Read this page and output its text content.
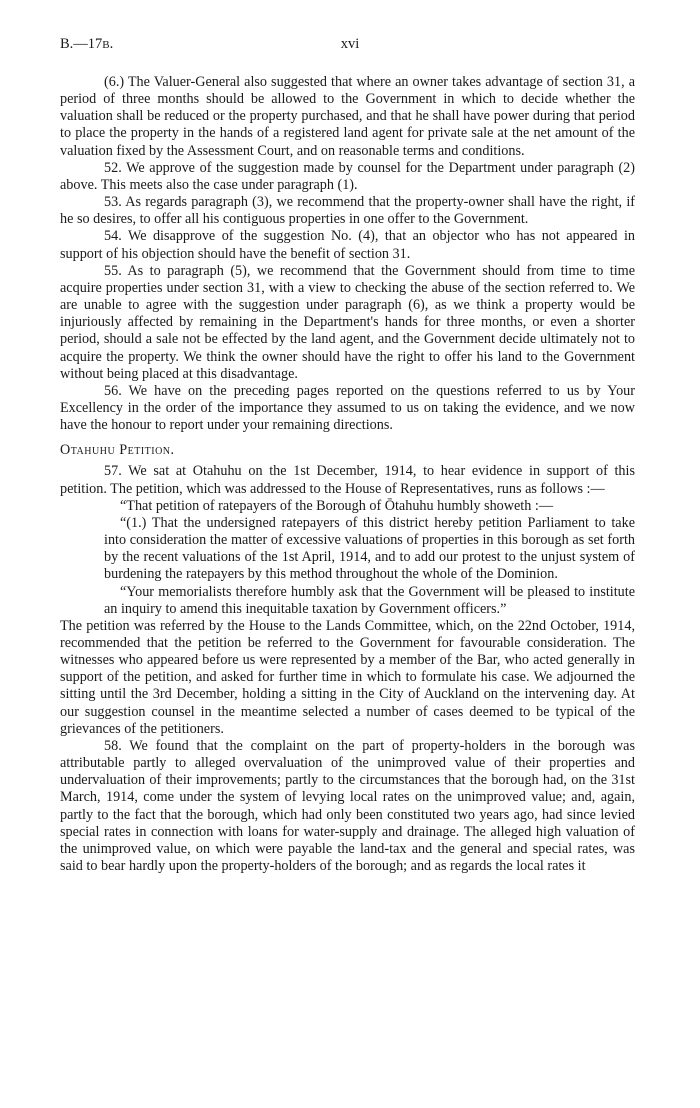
B.—17B.	xvi

(6.) The Valuer-General also suggested that where an owner takes advantage of section 31, a period of three months should be allowed to the Government in which to decide whether the valuation shall be reduced or the property purchased, and that he shall have power during that period to place the property in the hands of a registered land agent for private sale at the net amount of the valuation fixed by the Assessment Court, and on reasonable terms and conditions.

52. We approve of the suggestion made by counsel for the Department under paragraph (2) above. This meets also the case under paragraph (1).

53. As regards paragraph (3), we recommend that the property-owner shall have the right, if he so desires, to offer all his contiguous properties in one offer to the Government.

54. We disapprove of the suggestion No. (4), that an objector who has not appeared in support of his objection should have the benefit of section 31.

55. As to paragraph (5), we recommend that the Government should from time to time acquire properties under section 31, with a view to checking the abuse of the section referred to. We are unable to agree with the suggestion under paragraph (6), as we think a property would be injuriously affected by remaining in the Department's hands for three months, or even a shorter period, should a sale not be effected by the land agent, and the Government decide ultimately not to acquire the property. We think the owner should have the right to offer his land to the Government without being placed at this disadvantage.

56. We have on the preceding pages reported on the questions referred to us by Your Excellency in the order of the importance they assumed to us on taking the evidence, and we now have the honour to report under your remaining directions.

Otahuhu Petition.

57. We sat at Otahuhu on the 1st December, 1914, to hear evidence in support of this petition. The petition, which was addressed to the House of Representatives, runs as follows :—

“That petition of ratepayers of the Borough of Ōtahuhu humbly showeth :—

“(1.) That the undersigned ratepayers of this district hereby petition Parliament to take into consideration the matter of excessive valuations of properties in this borough as set forth by the recent valuations of the 1st April, 1914, and to add our protest to the unjust system of burdening the ratepayers by this method throughout the whole of the Dominion.

“Your memorialists therefore humbly ask that the Government will be pleased to institute an inquiry to amend this inequitable taxation by Government officers.”

The petition was referred by the House to the Lands Committee, which, on the 22nd October, 1914, recommended that the petition be referred to the Government for favourable consideration. The witnesses who appeared before us were represented by a member of the Bar, who acted generally in support of the petition, and asked for further time in which to formulate his case. We adjourned the sitting until the 3rd December, holding a sitting in the City of Auckland on the intervening day. At our suggestion counsel in the meantime selected a number of cases deemed to be typical of the grievances of the petitioners.

58. We found that the complaint on the part of property-holders in the borough was attributable partly to alleged overvaluation of the unimproved value of their properties and undervaluation of their improvements; partly to the circumstances that the borough had, on the 31st March, 1914, come under the system of levying local rates on the unimproved value; and, again, partly to the fact that the borough, which had only been constituted two years ago, had since levied special rates in connection with loans for water-supply and drainage. The alleged high valuation of the unimproved value, on which were payable the land-tax and the general and special rates, was said to bear hardly upon the property-holders of the borough; and as regards the local rates it
